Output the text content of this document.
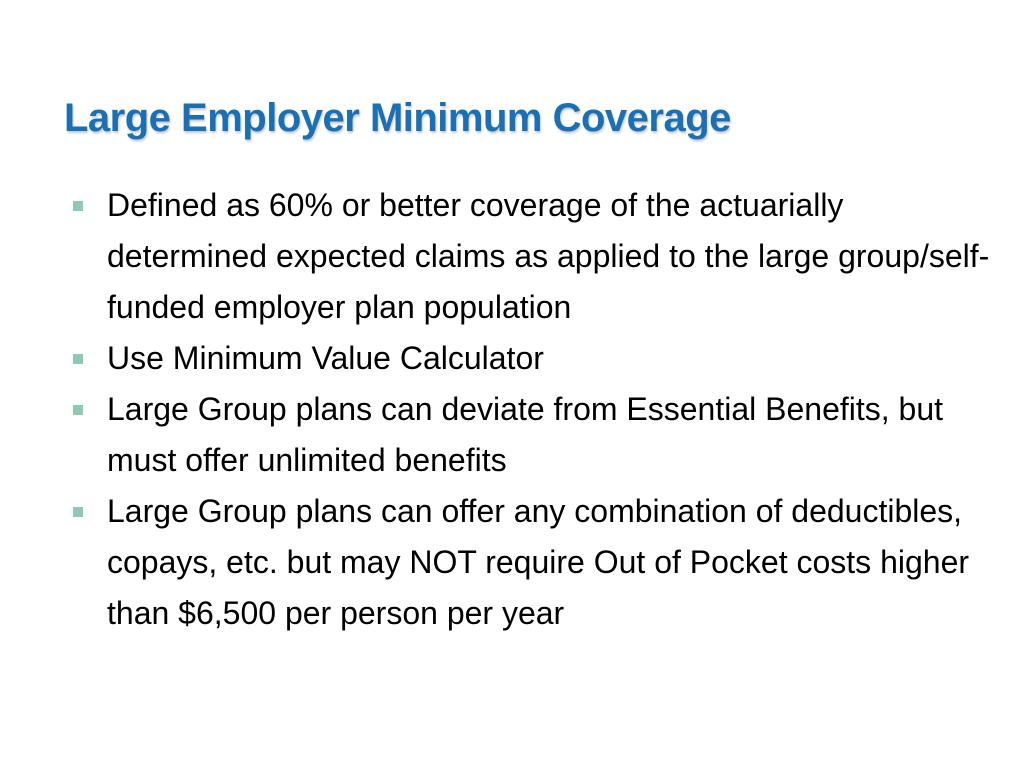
Large Employer Minimum Coverage
Defined as 60% or better coverage of the actuarially determined expected claims as applied to the large group/self-funded employer plan population
Use Minimum Value Calculator
Large Group plans can deviate from Essential Benefits, but must offer unlimited benefits
Large Group plans can offer any combination of deductibles, copays, etc. but may NOT require Out of Pocket costs higher than $6,500 per person per year
